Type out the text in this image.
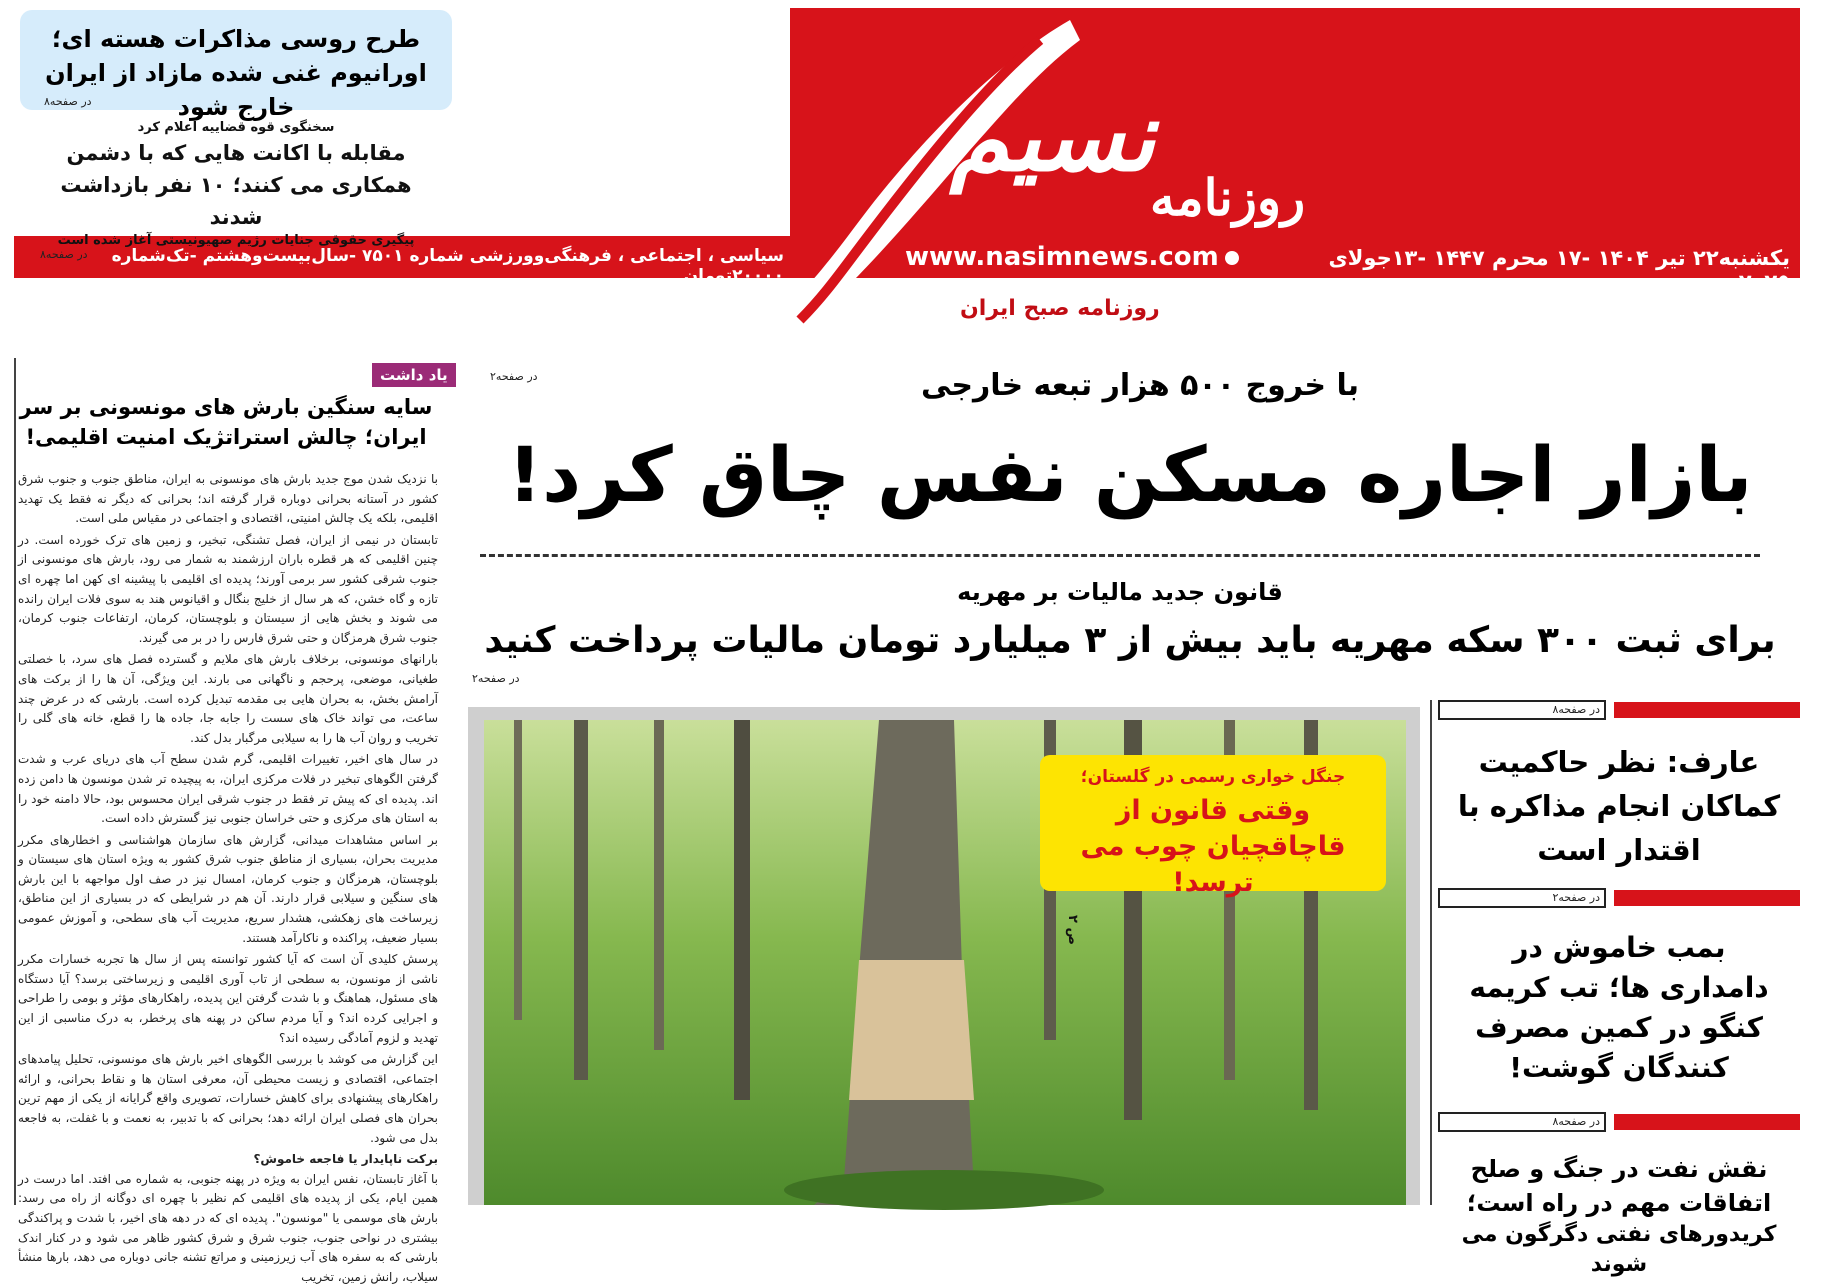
نسیم
روزنامه
روزنامه صبح ایران
www.nasimnews.com	یکشنبه۲۲ تیر ۱۴۰۴ -۱۷ محرم ۱۴۴۷ -۱۳جولای ۲۰۲۵
سیاسی ، اجتماعی ، فرهنگی‌وورزشی شماره ۷۵۰۱ -سال‌بیست‌وهشتم -تک‌شماره ۲۰۰۰۰تومان
طرح روسی مذاکرات هسته ای؛ اورانیوم غنی شده مازاد از ایران خارج شود
در صفحه۸
سخنگوی قوه قضاییه اعلام کرد
مقابله با اکانت هایی که با دشمن همکاری می کنند؛ ۱۰ نفر بازداشت شدند
پیگیری حقوقی جنایات رژیم صهیونیستی آغاز شده است
در صفحه۸
یاد داشت
سایه سنگین بارش های مونسونی بر سر ایران؛ چالش استراتژیک امنیت اقلیمی!

با نزدیک شدن موج جدید بارش های مونسونی به ایران، مناطق جنوب و جنوب شرق کشور در آستانه بحرانی دوباره قرار گرفته اند؛ بحرانی که دیگر نه فقط یک تهدید اقلیمی، بلکه یک چالش امنیتی، اقتصادی و اجتماعی در مقیاس ملی است.

تابستان در نیمی از ایران، فصل تشنگی، تبخیر، و زمین های ترک خورده است. در چنین اقلیمی که هر قطره باران ارزشمند به شمار می رود، بارش های مونسونی از جنوب شرقی کشور سر برمی آورند؛ پدیده ای اقلیمی با پیشینه ای کهن اما چهره ای تازه و گاه خشن، که هر سال از خلیج بنگال و اقیانوس هند به سوی فلات ایران رانده می شوند و بخش هایی از سیستان و بلوچستان، کرمان، ارتفاعات جنوب کرمان، جنوب شرق هرمزگان و حتی شرق فارس را در بر می گیرند.

بارانهای مونسونی، برخلاف بارش های ملایم و گسترده فصل های سرد، با خصلتی طغیانی، موضعی، پرحجم و ناگهانی می بارند. این ویژگی، آن ها را از برکت های آرامش بخش، به بحران هایی بی مقدمه تبدیل کرده است. بارشی که در عرض چند ساعت، می تواند خاک های سست را جابه جا، جاده ها را قطع، خانه های گلی را تخریب و روان آب ها را به سیلابی مرگبار بدل کند.

در سال های اخیر، تغییرات اقلیمی، گرم شدن سطح آب های دریای عرب و شدت گرفتن الگوهای تبخیر در فلات مرکزی ایران، به پیچیده تر شدن مونسون ها دامن زده اند. پدیده ای که پیش تر فقط در جنوب شرقی ایران محسوس بود، حالا دامنه خود را به استان های مرکزی و حتی خراسان جنوبی نیز گسترش داده است.

بر اساس مشاهدات میدانی، گزارش های سازمان هواشناسی و اخطارهای مکرر مدیریت بحران، بسیاری از مناطق جنوب شرق کشور به ویژه استان های سیستان و بلوچستان، هرمزگان و جنوب کرمان، امسال نیز در صف اول مواجهه با این بارش های سنگین و سیلابی قرار دارند. آن هم در شرایطی که در بسیاری از این مناطق، زیرساخت های زهکشی، هشدار سریع، مدیریت آب های سطحی، و آموزش عمومی بسیار ضعیف، پراکنده و ناکارآمد هستند.

پرسش کلیدی آن است که آیا کشور توانسته پس از سال ها تجربه خسارات مکرر ناشی از مونسون، به سطحی از تاب آوری اقلیمی و زیرساختی برسد؟ آیا دستگاه های مسئول، هماهنگ و با شدت گرفتن این پدیده، راهکارهای مؤثر و بومی را طراحی و اجرایی کرده اند؟ و آیا مردم ساکن در پهنه های پرخطر، به درک مناسبی از این تهدید و لزوم آمادگی رسیده اند؟

این گزارش می کوشد با بررسی الگوهای اخیر بارش های مونسونی، تحلیل پیامدهای اجتماعی، اقتصادی و زیست محیطی آن، معرفی استان ها و نقاط بحرانی، و ارائه راهکارهای پیشنهادی برای کاهش خسارات، تصویری واقع گرایانه از یکی از مهم ترین بحران های فصلی ایران ارائه دهد؛ بحرانی که با تدبیر، به نعمت و با غفلت، به فاجعه بدل می شود.

برکت ناپایدار یا فاجعه خاموش؟

با آغاز تابستان، نفس ایران به ویژه در پهنه جنوبی، به شماره می افتد. اما درست در همین ایام، یکی از پدیده های اقلیمی کم نظیر با چهره ای دوگانه از راه می رسد: بارش های موسمی یا "مونسون". پدیده ای که در دهه های اخیر، با شدت و پراکندگی بیشتری در نواحی جنوب، جنوب شرق و شرق کشور ظاهر می شود و در کنار اندک بارشی که به سفره های آب زیرزمینی و مراتع تشنه جانی دوباره می دهد، بارها منشأ سیلاب، رانش زمین، تخریب

در صفحه۲	با خروج ۵۰۰ هزار تبعه خارجی
بازار اجاره مسکن نفس چاق کرد!
قانون جدید مالیات بر مهریه
برای ثبت ۳۰۰ سکه مهریه باید بیش از ۳ میلیارد تومان مالیات پرداخت کنید
در صفحه۲
جنگل خواری رسمی در گلستان؛
وقتی قانون از قاچاقچیان چوب می ترسد!
ص ۲
در صفحه۸
عارف: نظر حاکمیت کماکان انجام مذاکره با اقتدار است
در صفحه۲
بمب خاموش در دامداری ها؛ تب کریمه کنگو در کمین مصرف کنندگان گوشت!
در صفحه۸
نقش نفت در جنگ و صلح اتفاقات مهم در راه است؛
کریدورهای نفتی دگرگون می شوند
